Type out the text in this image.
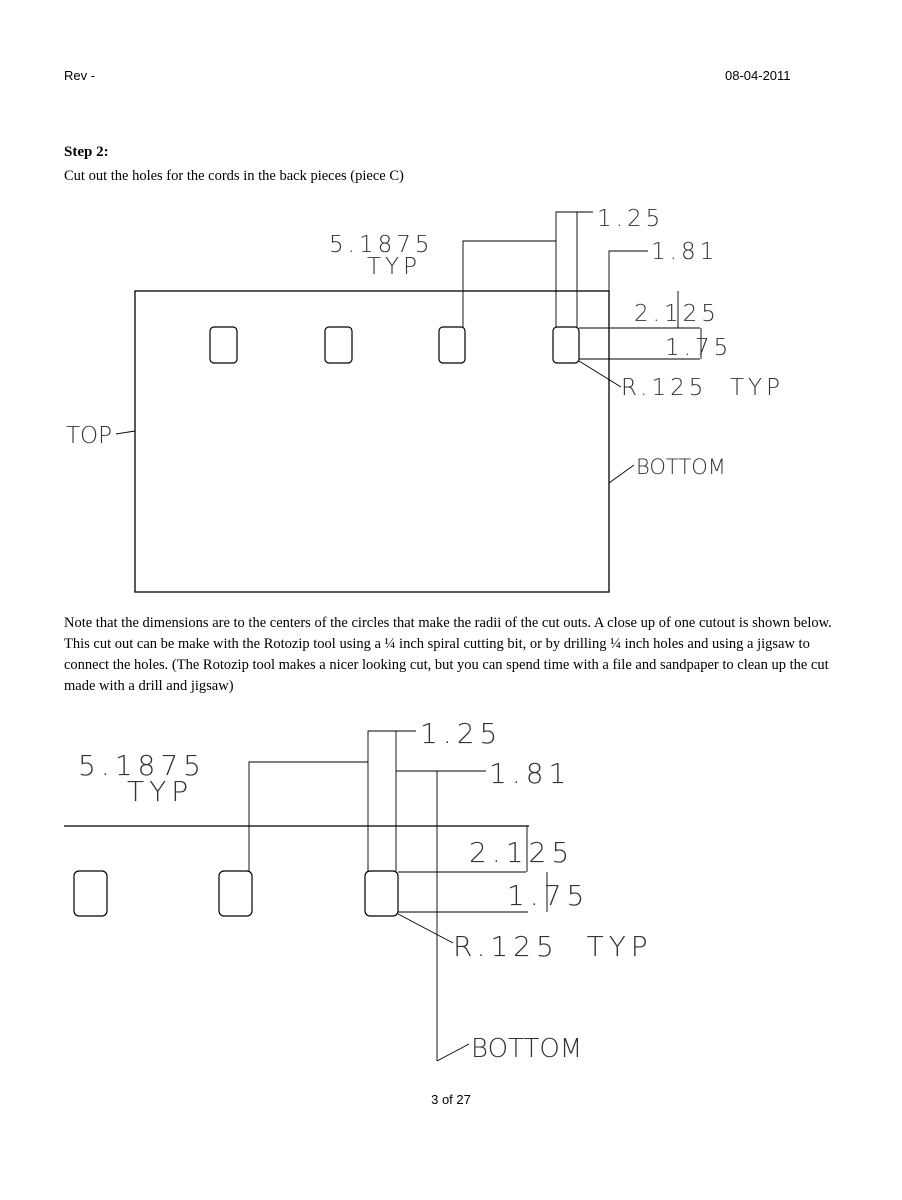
Rev -	08-04-2011
Step 2:
Cut out the holes for the cords in the back pieces (piece C)
5.1875
TYP
1.25
1.81
2.125
1.75
R.125  TYP
TOP
BOTTOM
5.1875
TYP
1.25
1.81
2.125
1.75
R.125  TYP
BOTTOM

Note that the dimensions are to the centers of the circles that make the radii of the cut outs. A close up of one cutout is shown below. This cut out can be make with the Rotozip tool using a ¼ inch spiral cutting bit, or by drilling ¼ inch holes and using a jigsaw to connect the holes. (The Rotozip tool makes a nicer looking cut, but you can spend time with a file and sandpaper to clean up the cut made with a drill and jigsaw)

3 of 27
